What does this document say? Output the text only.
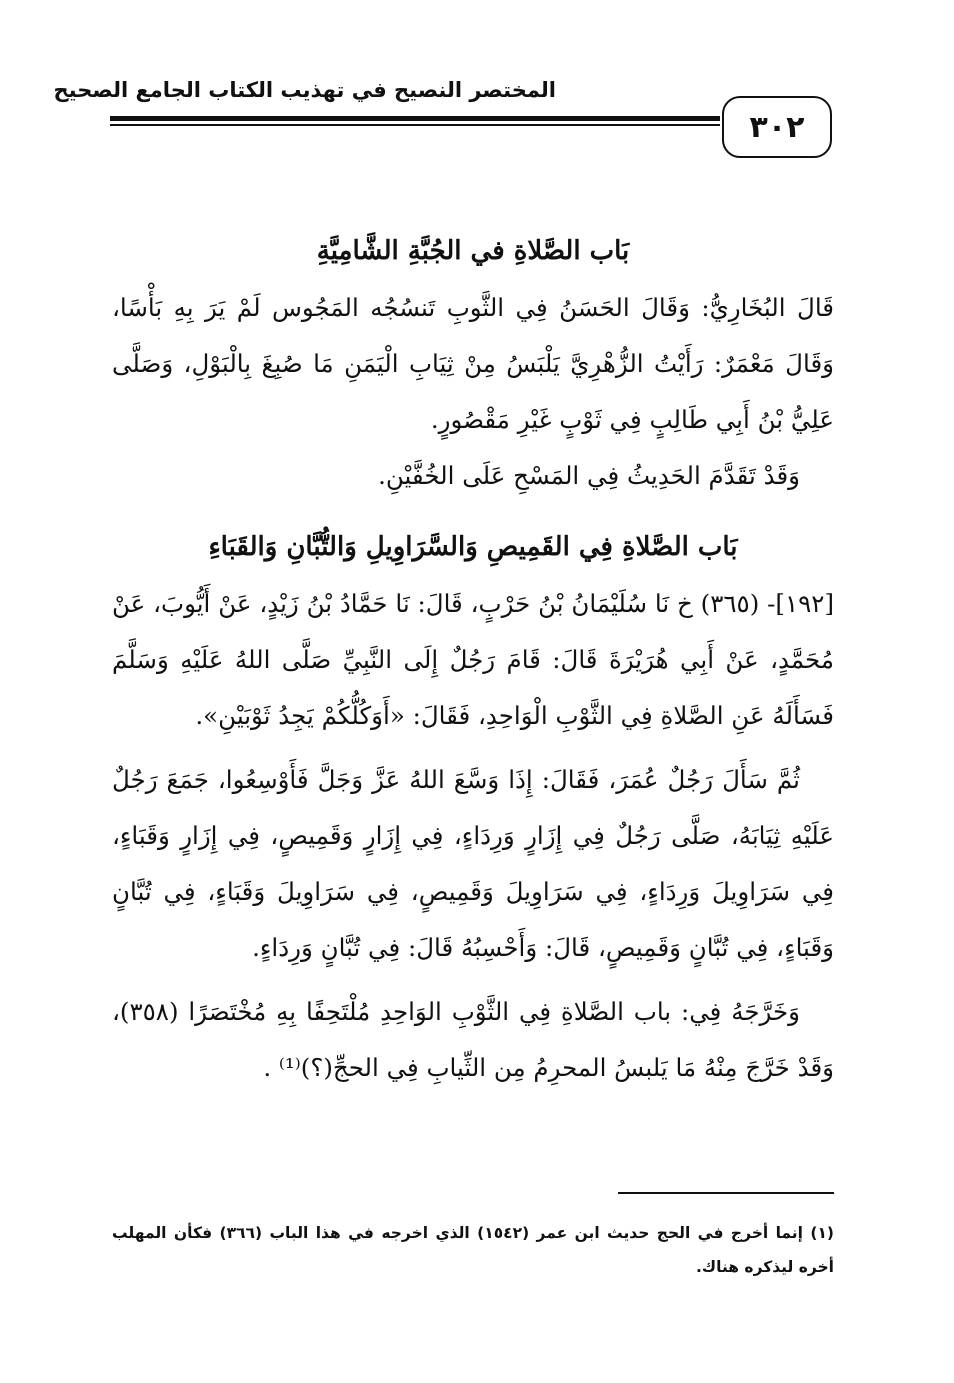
المختصر النصيح في تهذيب الكتاب الجامع الصحيح
٣٠٢
بَاب الصَّلاةِ في الجُبَّةِ الشَّامِيَّةِ
قَالَ البُخَارِيُّ: وَقَالَ الحَسَنُ فِي الثَّوبِ تَنسُجُه المَجُوس لَمْ يَرَ بِهِ بَأْسًا، وَقَالَ مَعْمَرٌ: رَأَيْتُ الزُّهْرِيَّ يَلْبَسُ مِنْ ثِيَابِ الْيَمَنِ مَا صُبِغَ بِالْبَوْلِ، وَصَلَّى عَلِيُّ بْنُ أَبِي طَالِبٍ فِي ثَوْبٍ غَيْرِ مَقْصُورٍ.
وَقَدْ تَقَدَّمَ الحَدِيثُ فِي المَسْحِ عَلَى الخُفَّيْنِ.
بَاب الصَّلاةِ فِي القَمِيصِ وَالسَّرَاوِيلِ وَالتُّبَّانِ وَالقَبَاءِ
[١٩٢]- (٣٦٥) خ نَا سُلَيْمَانُ بْنُ حَرْبٍ، قَالَ: نَا حَمَّادُ بْنُ زَيْدٍ، عَنْ أَيُّوبَ، عَنْ مُحَمَّدٍ، عَنْ أَبِي هُرَيْرَةَ قَالَ: قَامَ رَجُلٌ إِلَى النَّبِيِّ صَلَّى اللهُ عَلَيْهِ وَسَلَّمَ فَسَأَلَهُ عَنِ الصَّلاةِ فِي الثَّوْبِ الْوَاحِدِ، فَقَالَ: «أَوَكُلُّكُمْ يَجِدُ ثَوْبَيْنِ».
ثُمَّ سَأَلَ رَجُلٌ عُمَرَ، فَقَالَ: إِذَا وَسَّعَ اللهُ عَزَّ وَجَلَّ فَأَوْسِعُوا، جَمَعَ رَجُلٌ عَلَيْهِ ثِيَابَهُ، صَلَّى رَجُلٌ فِي إِزَارٍ وَرِدَاءٍ، فِي إِزَارٍ وَقَمِيصٍ، فِي إِزَارٍ وَقَبَاءٍ، فِي سَرَاوِيلَ وَرِدَاءٍ، فِي سَرَاوِيلَ وَقَمِيصٍ، فِي سَرَاوِيلَ وَقَبَاءٍ، فِي تُبَّانٍ وَقَبَاءٍ، فِي تُبَّانٍ وَقَمِيصٍ، قَالَ: وَأَحْسِبُهُ قَالَ: فِي تُبَّانٍ وَرِدَاءٍ.
وَخَرَّجَهُ فِي: باب الصَّلاةِ فِي الثَّوْبِ الوَاحِدِ مُلْتَحِفًا بِهِ مُخْتَصَرًا (٣٥٨)، وَقَدْ خَرَّجَ مِنْهُ مَا يَلبسُ المحرِمُ مِن الثِّيابِ فِي الحجِّ(؟)⁽¹⁾ .
(١) إنما أخرج في الحج حديث ابن عمر (١٥٤٢) الذي اخرجه في هذا الباب (٣٦٦) فكأن المهلب أخره ليذكره هناك.
